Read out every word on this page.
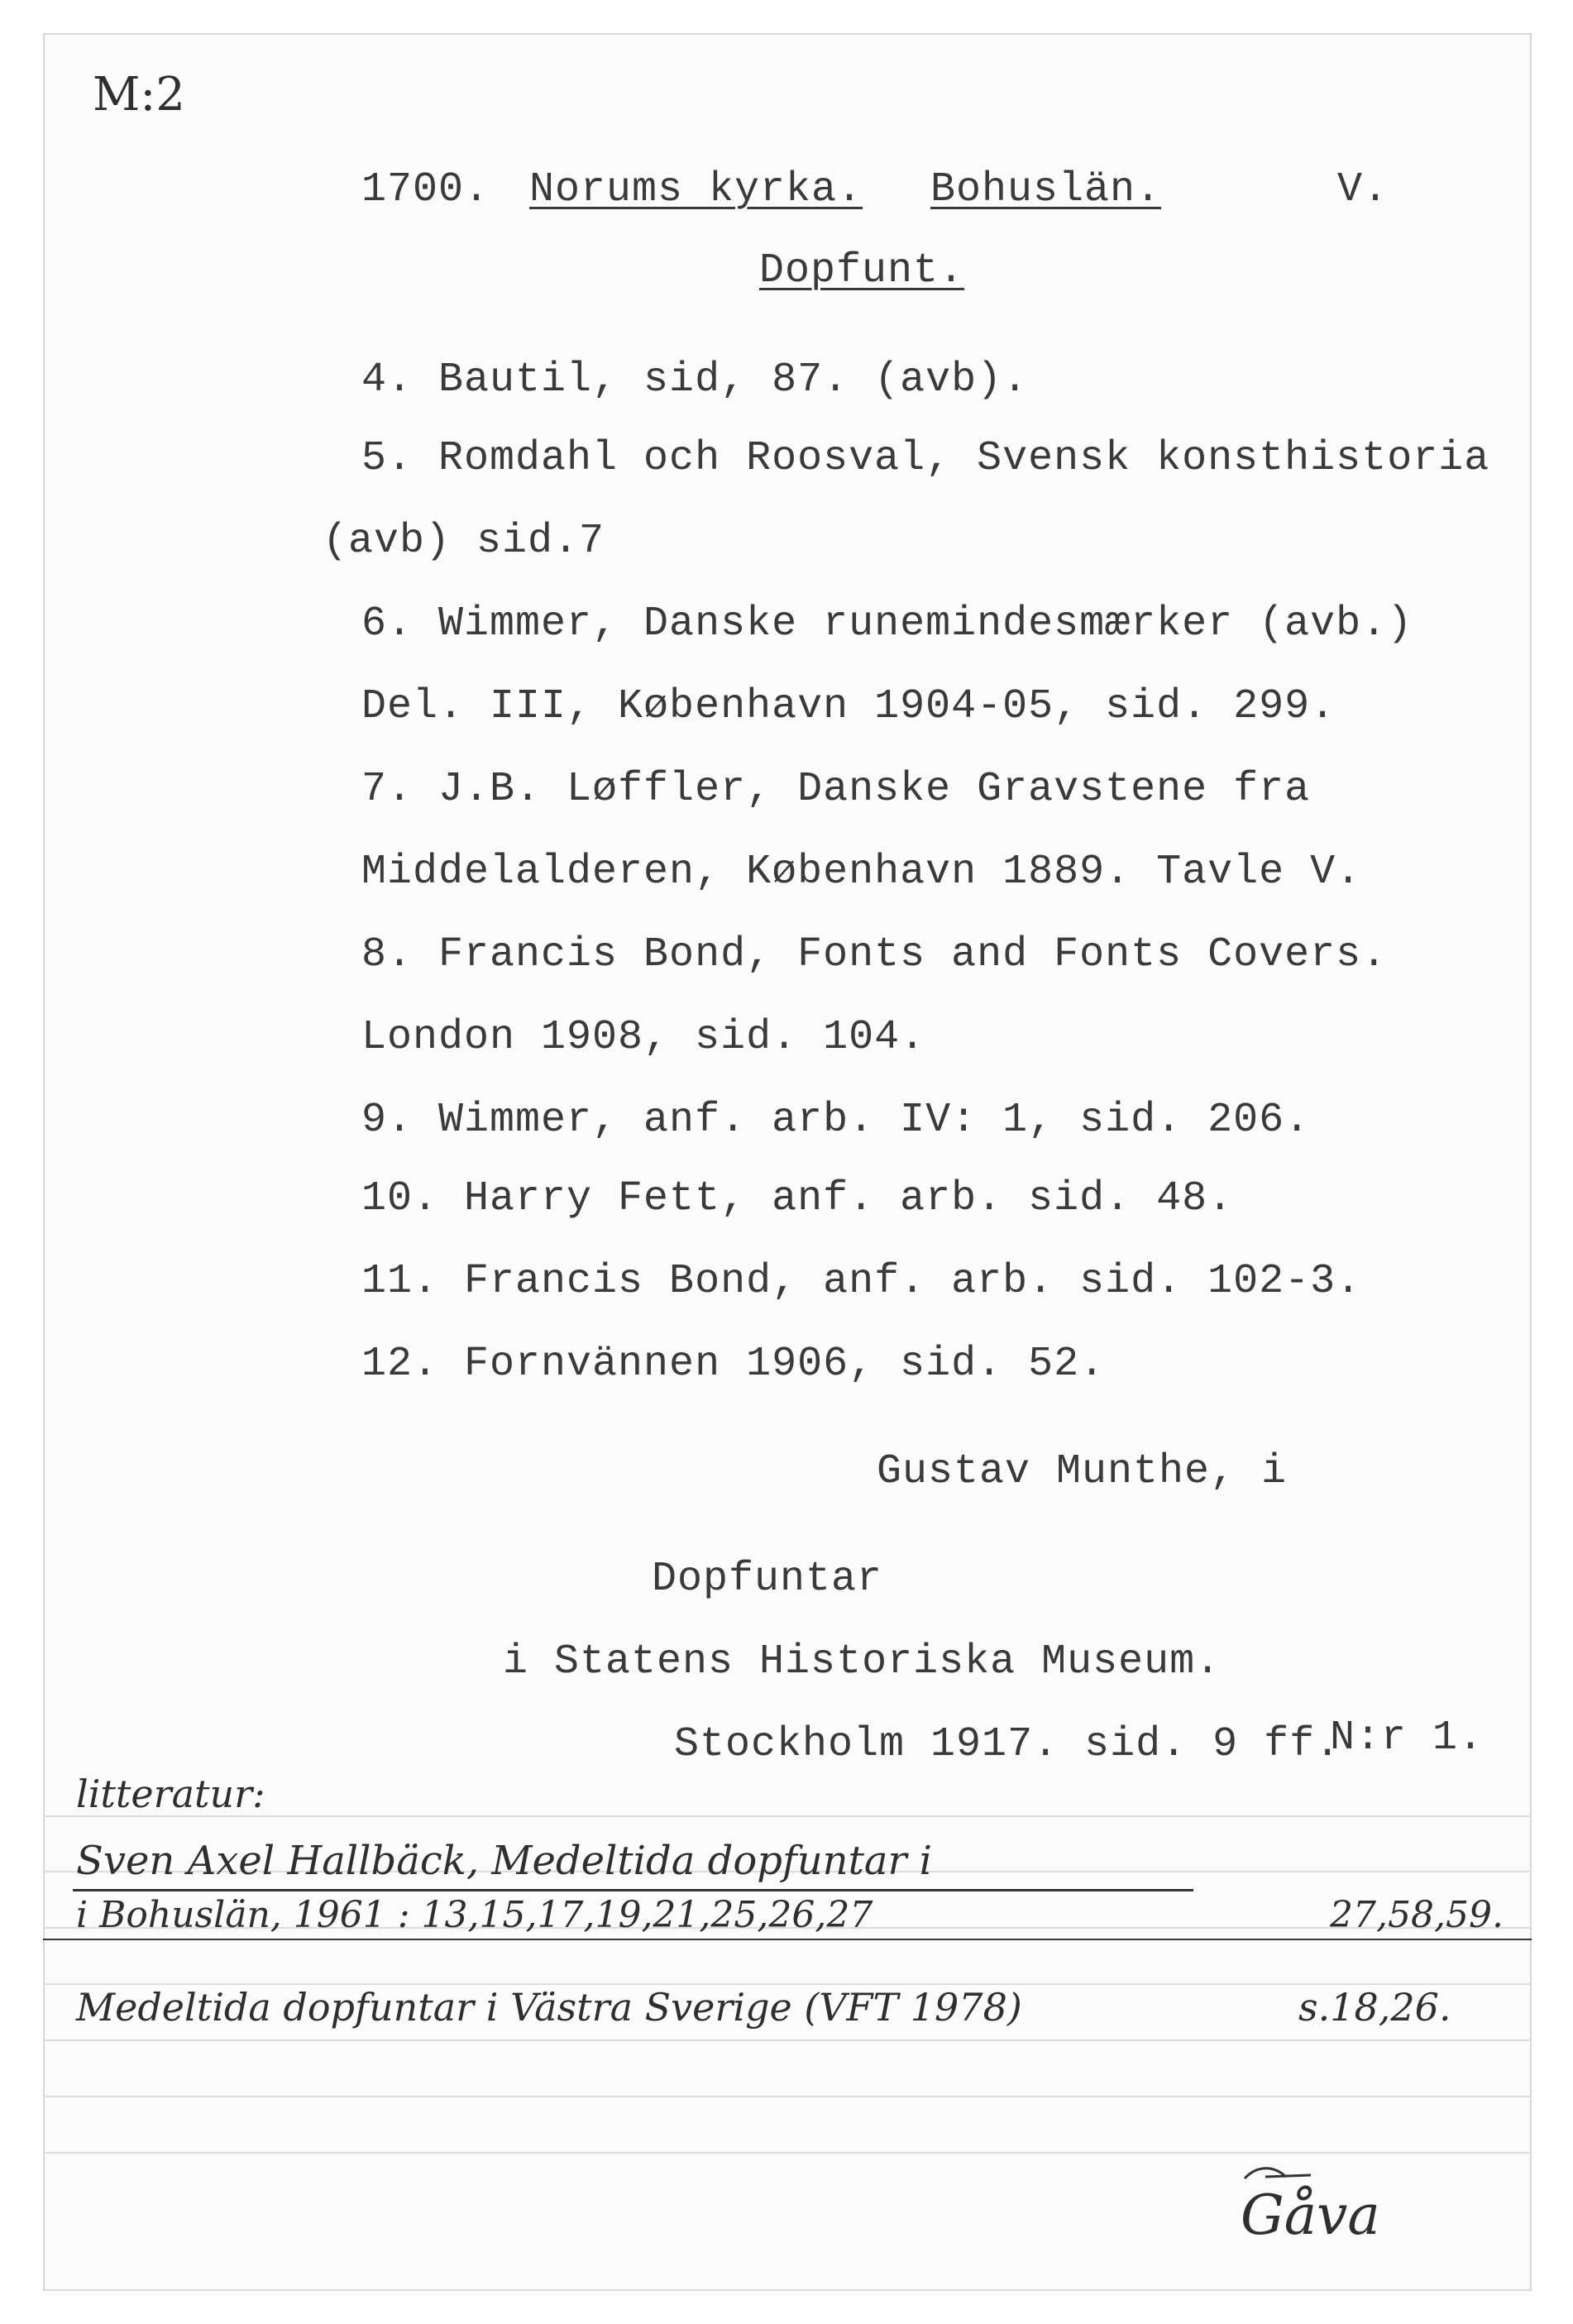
M:2
1700. Norums kyrka. Bohuslän.	V.
Dopfunt.
4. Bautil, sid, 87. (avb).
5. Romdahl och Roosval, Svensk konsthistoria
(avb) sid.7
6. Wimmer, Danske runemindesmærker (avb.)
Del. III, København 1904-05, sid. 299.
7. J.B. Løffler, Danske Gravstene fra
Middelalderen, København 1889. Tavle V.
8. Francis Bond, Fonts and Fonts Covers.
London 1908, sid. 104.
9. Wimmer, anf. arb. IV: 1, sid. 206.
10. Harry Fett, anf. arb. sid. 48.
11. Francis Bond, anf. arb. sid. 102-3.
12. Fornvännen 1906, sid. 52.
Gustav Munthe, i
Dopfuntar
i Statens Historiska Museum.
Stockholm 1917. sid. 9 ff.
N:r 1.
litteratur:
Sven Axel Hallbäck, Medeltida dopfuntar i
i Bohuslän, 1961 : 13,15,17,19,21,25,26,27	27,58,59.
Medeltida dopfuntar i Västra Sverige (VFT 1978)	s.18,26.
Gåva
